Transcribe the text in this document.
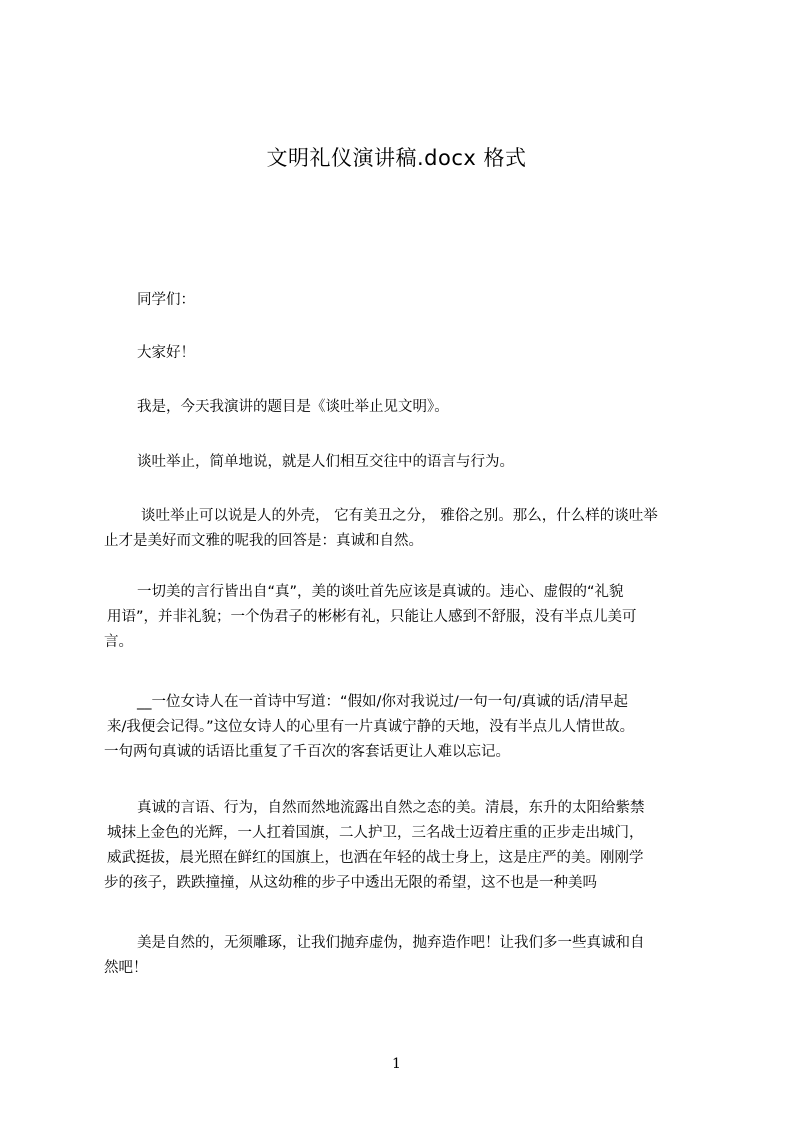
文明礼仪演讲稿.docx 格式

同学们：

大家好！

我是，今天我演讲的题目是《谈吐举止见文明》。

谈吐举止，简单地说，就是人们相互交往中的语言与行为。

谈吐举止可以说是人的外壳， 它有美丑之分， 雅俗之别。那么，什么样的谈吐举
止才是美好而文雅的呢我的回答是：真诚和自然。

一切美的言行皆出自“真”，美的谈吐首先应该是真诚的。违心、虚假的“礼貌
用语”，并非礼貌；一个伪君子的彬彬有礼，只能让人感到不舒服，没有半点儿美可
言。

__一位女诗人在一首诗中写道：“假如/你对我说过/一句一句/真诚的话/清早起
来/我便会记得。”这位女诗人的心里有一片真诚宁静的天地，没有半点儿人情世故。
一句两句真诚的话语比重复了千百次的客套话更让人难以忘记。

真诚的言语、行为，自然而然地流露出自然之态的美。清晨，东升的太阳给紫禁
城抹上金色的光辉，一人扛着国旗，二人护卫，三名战士迈着庄重的正步走出城门，
威武挺拔，晨光照在鲜红的国旗上，也洒在年轻的战士身上，这是庄严的美。刚刚学
步的孩子，跌跌撞撞，从这幼稚的步子中透出无限的希望，这不也是一种美吗

美是自然的，无须雕琢，让我们抛弃虚伪，抛弃造作吧！让我们多一些真诚和自
然吧！

1
